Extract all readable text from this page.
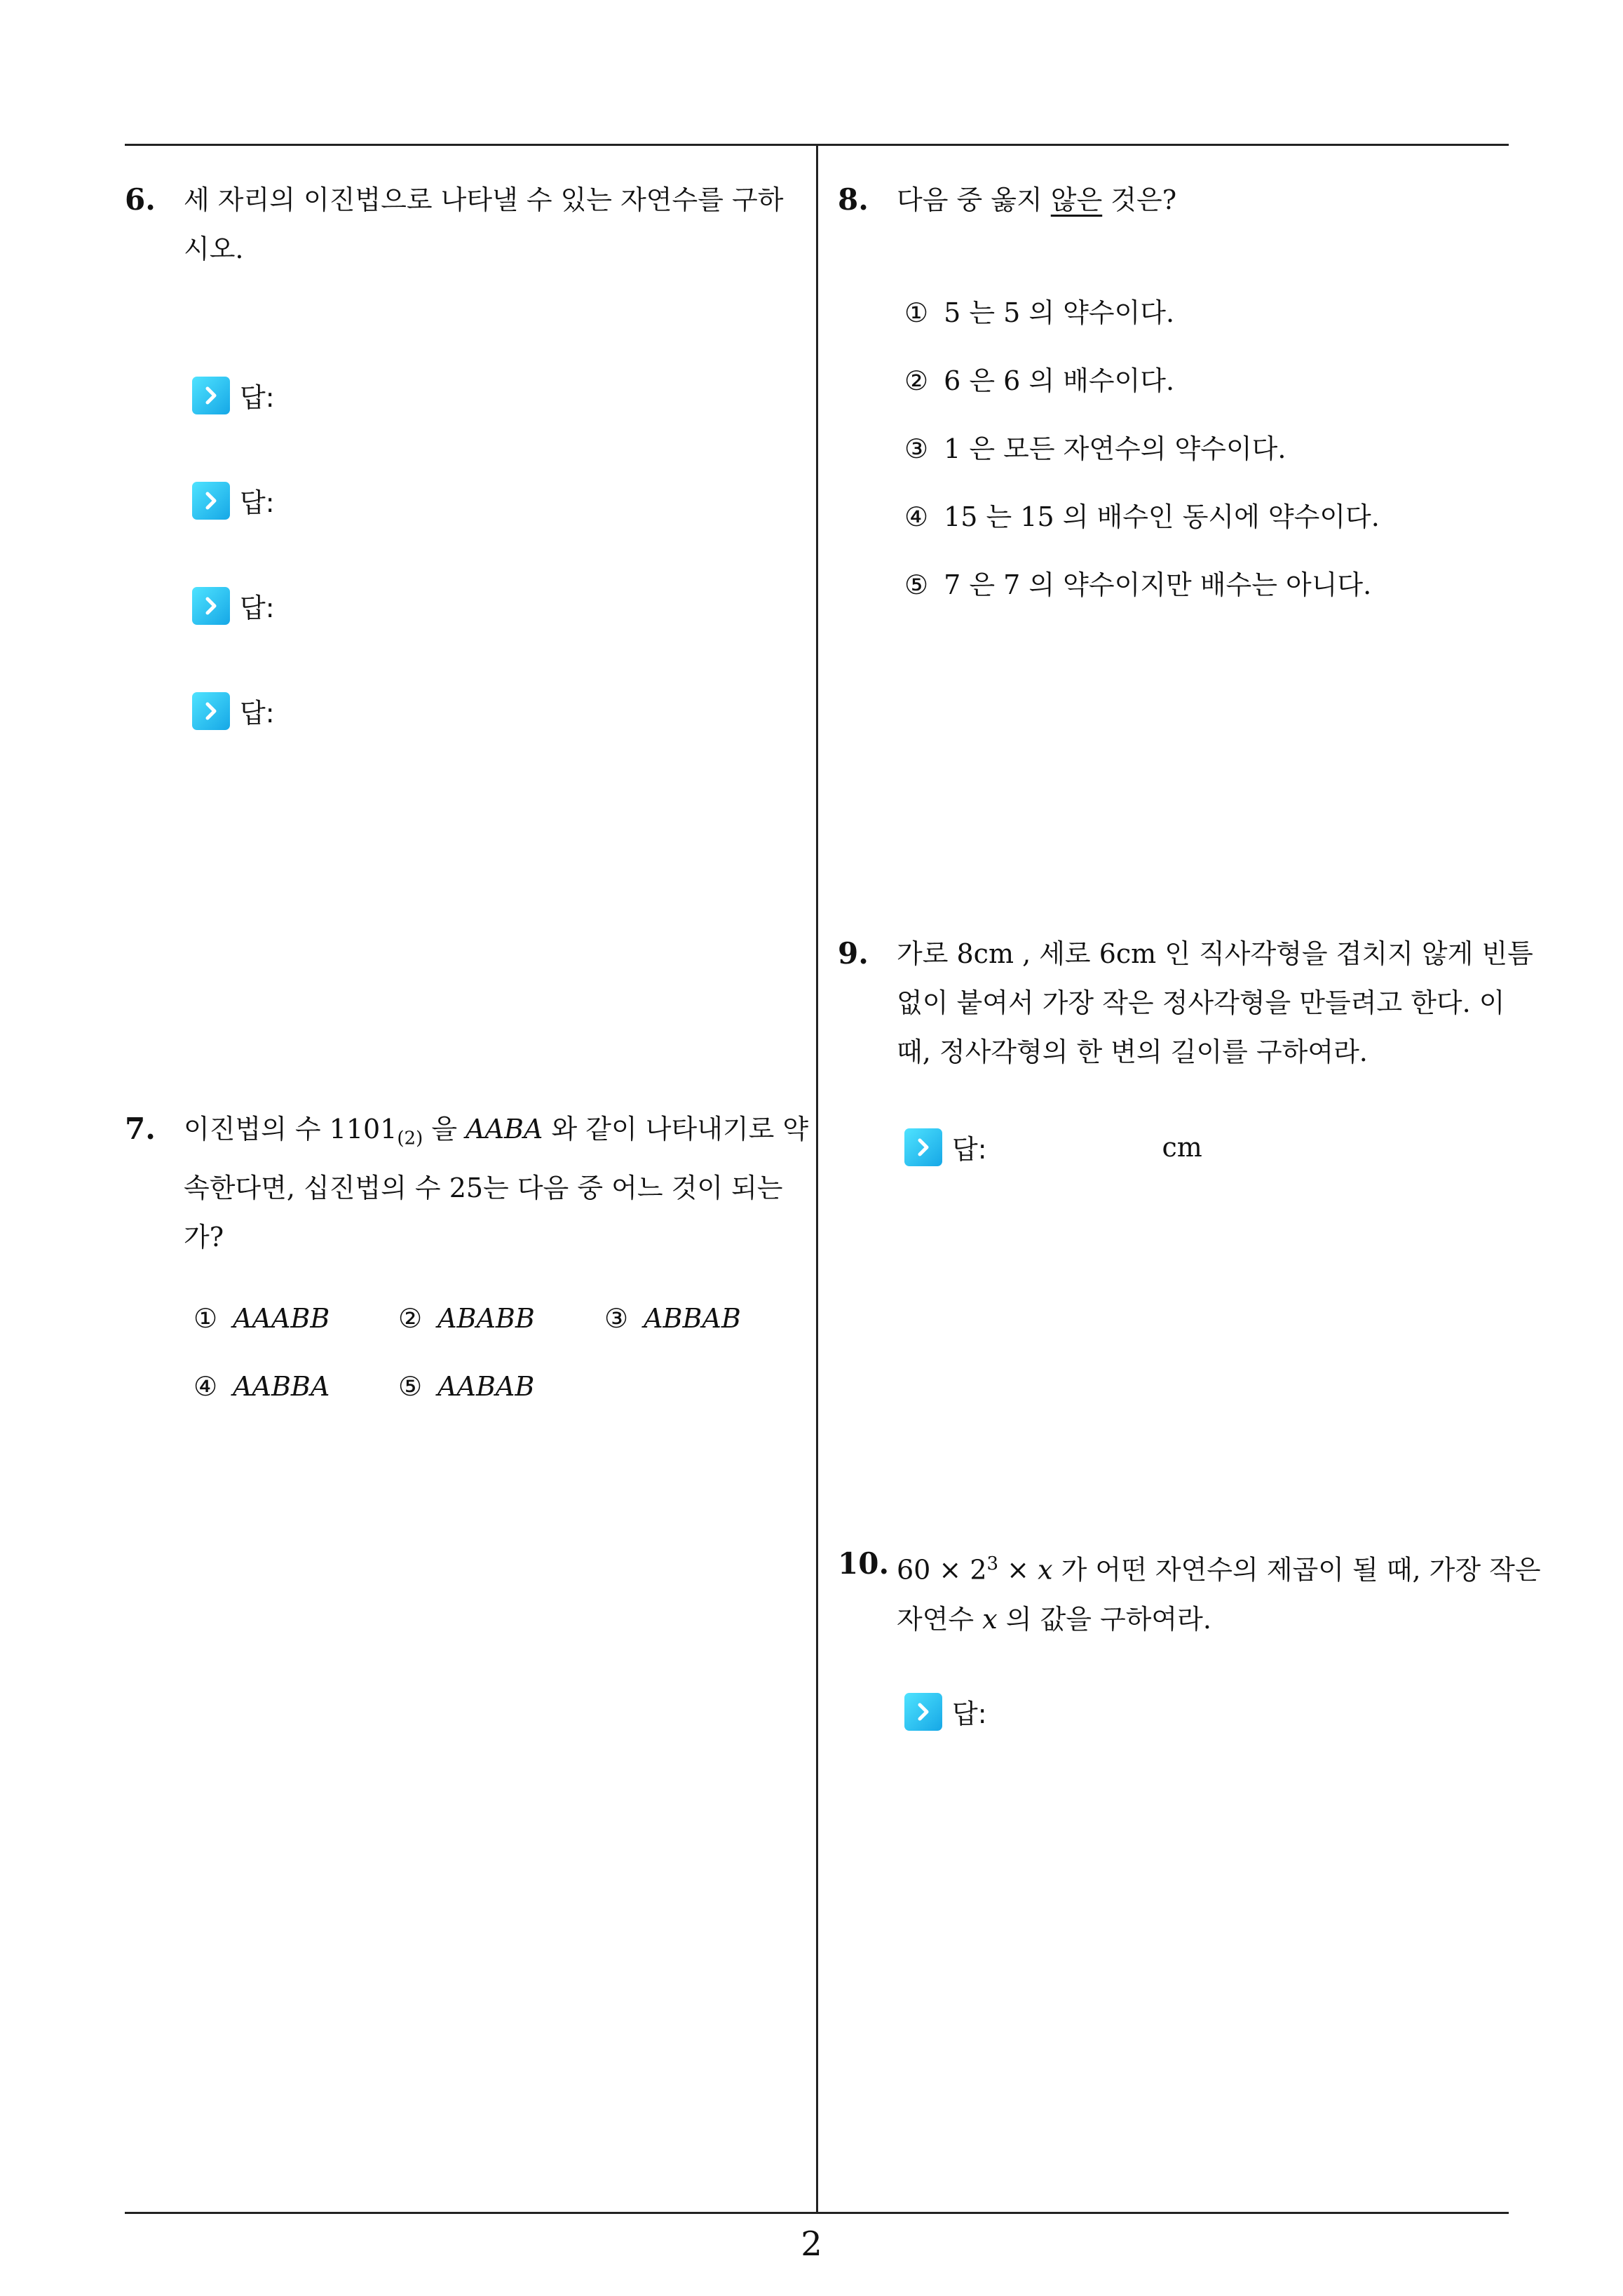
6. 세 자리의 이진법으로 나타낼 수 있는 자연수를 구하
시오.
답:
답:
답:
답:
7. 이진법의 수 $1101_{(2)}$ 을 AABA 와 같이 나타내기로 약
속한다면, 십진법의 수 25는 다음 중 어느 것이 되는
가?
① AAABB	② ABABB	③ ABBAB
④ AABBA	⑤ AABAB
8. 다음 중 옳지 않은 것은?
① 5 는 5 의 약수이다.
② 6 은 6 의 배수이다.
③ 1 은 모든 자연수의 약수이다.
④ 15 는 15 의 배수인 동시에 약수이다.
⑤ 7 은 7 의 약수이지만 배수는 아니다.
9. 가로 8cm , 세로 6cm 인 직사각형을 겹치지 않게 빈틈
없이 붙여서 가장 작은 정사각형을 만들려고 한다. 이
때, 정사각형의 한 변의 길이를 구하여라.
답:	cm
10. $60 \times 2^3 \times x$ 가 어떤 자연수의 제곱이 될 때, 가장 작은
자연수 x 의 값을 구하여라.
답:
2
